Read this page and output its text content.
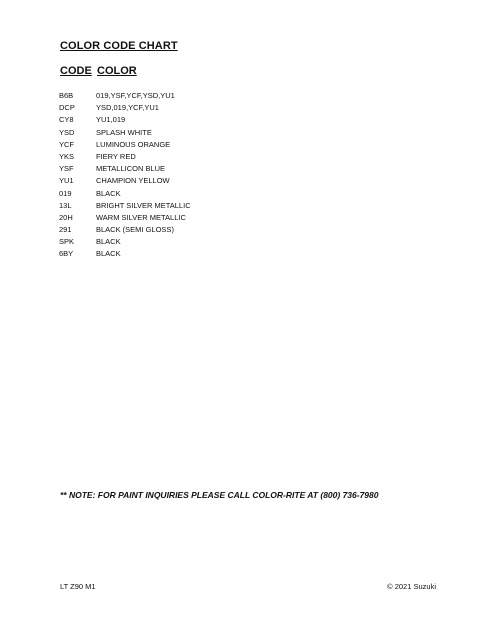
COLOR CODE CHART
CODE COLOR
B6B	019,YSF,YCF,YSD,YU1
DCP	YSD,019,YCF,YU1
CY8	YU1,019
YSD	SPLASH WHITE
YCF	LUMINOUS ORANGE
YKS	FIERY RED
YSF	METALLICON BLUE
YU1	CHAMPION YELLOW
019	BLACK
13L	BRIGHT SILVER METALLIC
20H	WARM SILVER METALLIC
291	BLACK (SEMI GLOSS)
SPK	BLACK
6BY	BLACK
** NOTE: FOR PAINT INQUIRIES PLEASE CALL COLOR-RITE AT (800) 736-7980
LT Z90 M1	© 2021 Suzuki
